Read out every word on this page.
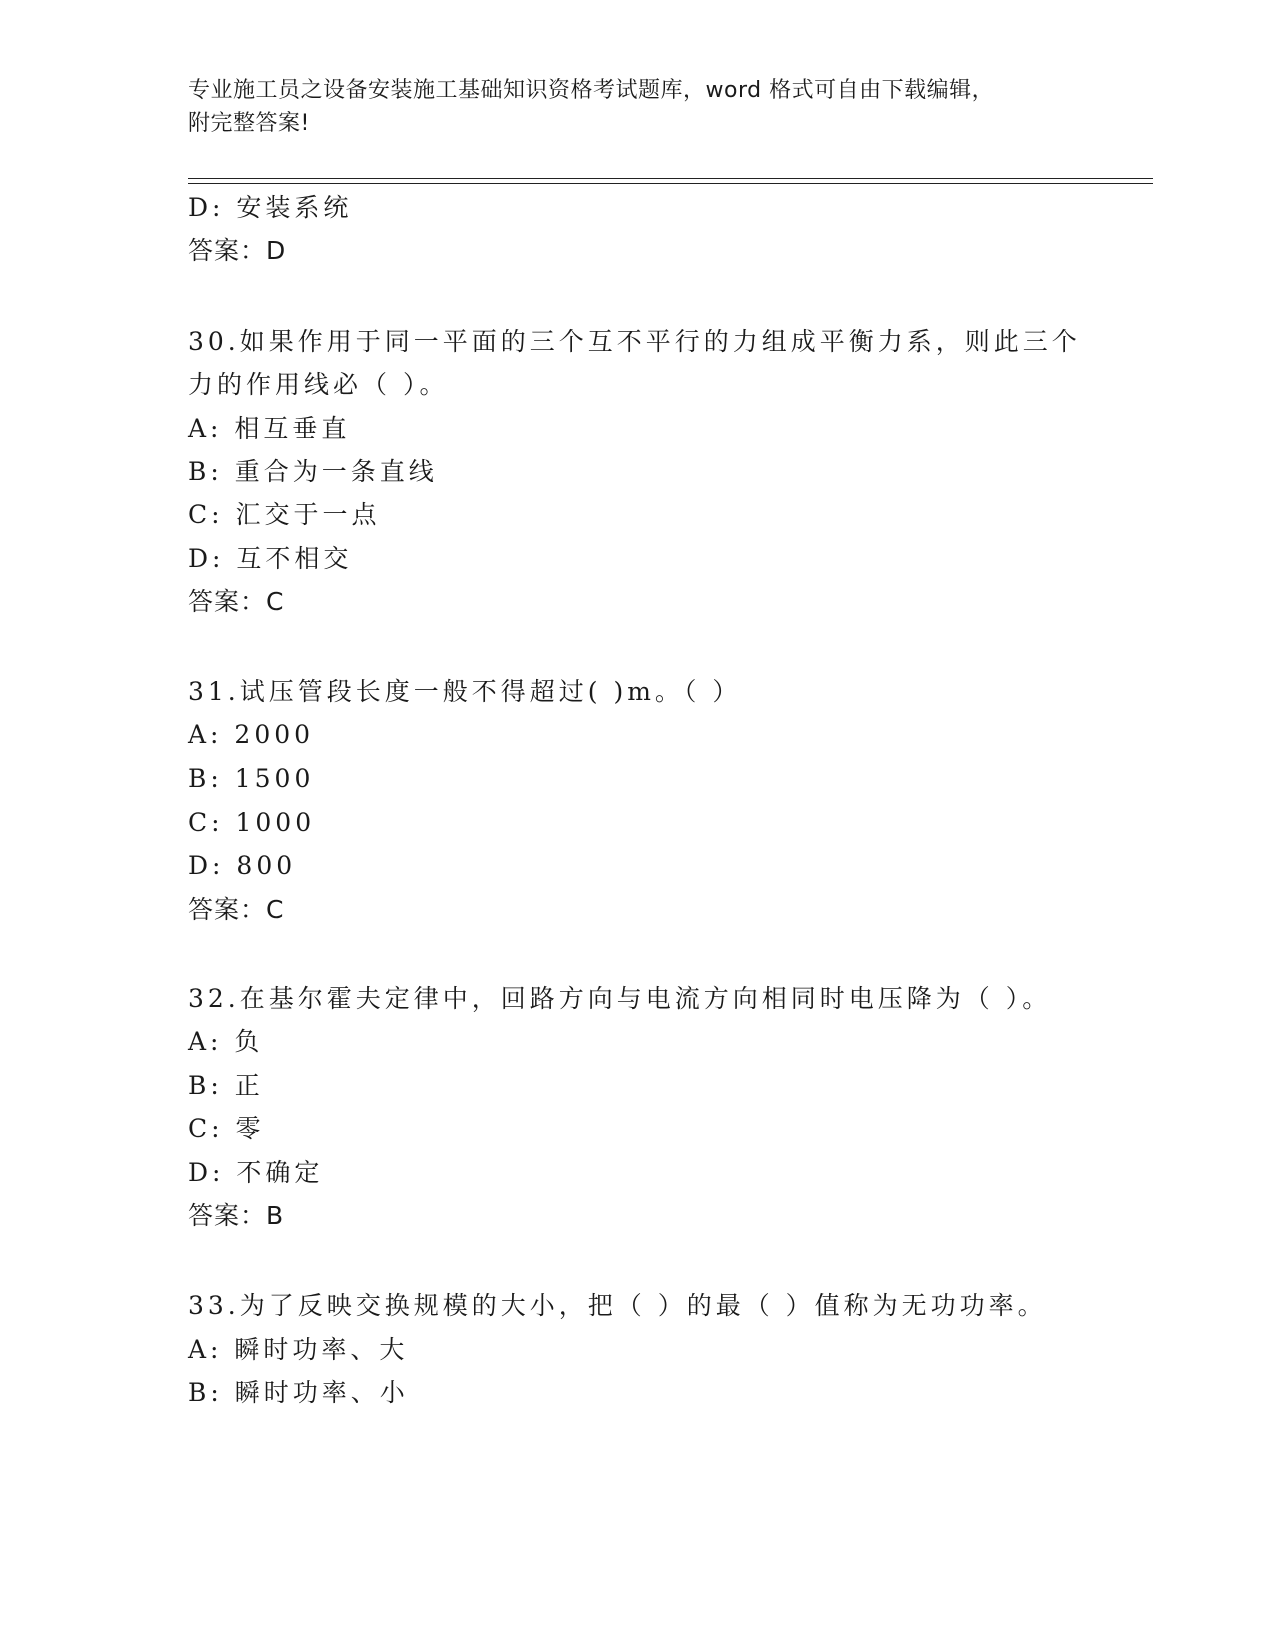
专业施工员之设备安装施工基础知识资格考试题库，word 格式可自由下载编辑，
附完整答案!
D: 安装系统
答案：D
30.如果作用于同一平面的三个互不平行的力组成平衡力系，则此三个
力的作用线必（ ）。
A: 相互垂直
B: 重合为一条直线
C: 汇交于一点
D: 互不相交
答案：C
31.试压管段长度一般不得超过( )m。（ ）
A: 2000
B: 1500
C: 1000
D: 800
答案：C
32.在基尔霍夫定律中，回路方向与电流方向相同时电压降为（ ）。
A: 负
B: 正
C: 零
D: 不确定
答案：B
33.为了反映交换规模的大小，把（ ）的最（ ）值称为无功功率。
A: 瞬时功率、大
B: 瞬时功率、小
